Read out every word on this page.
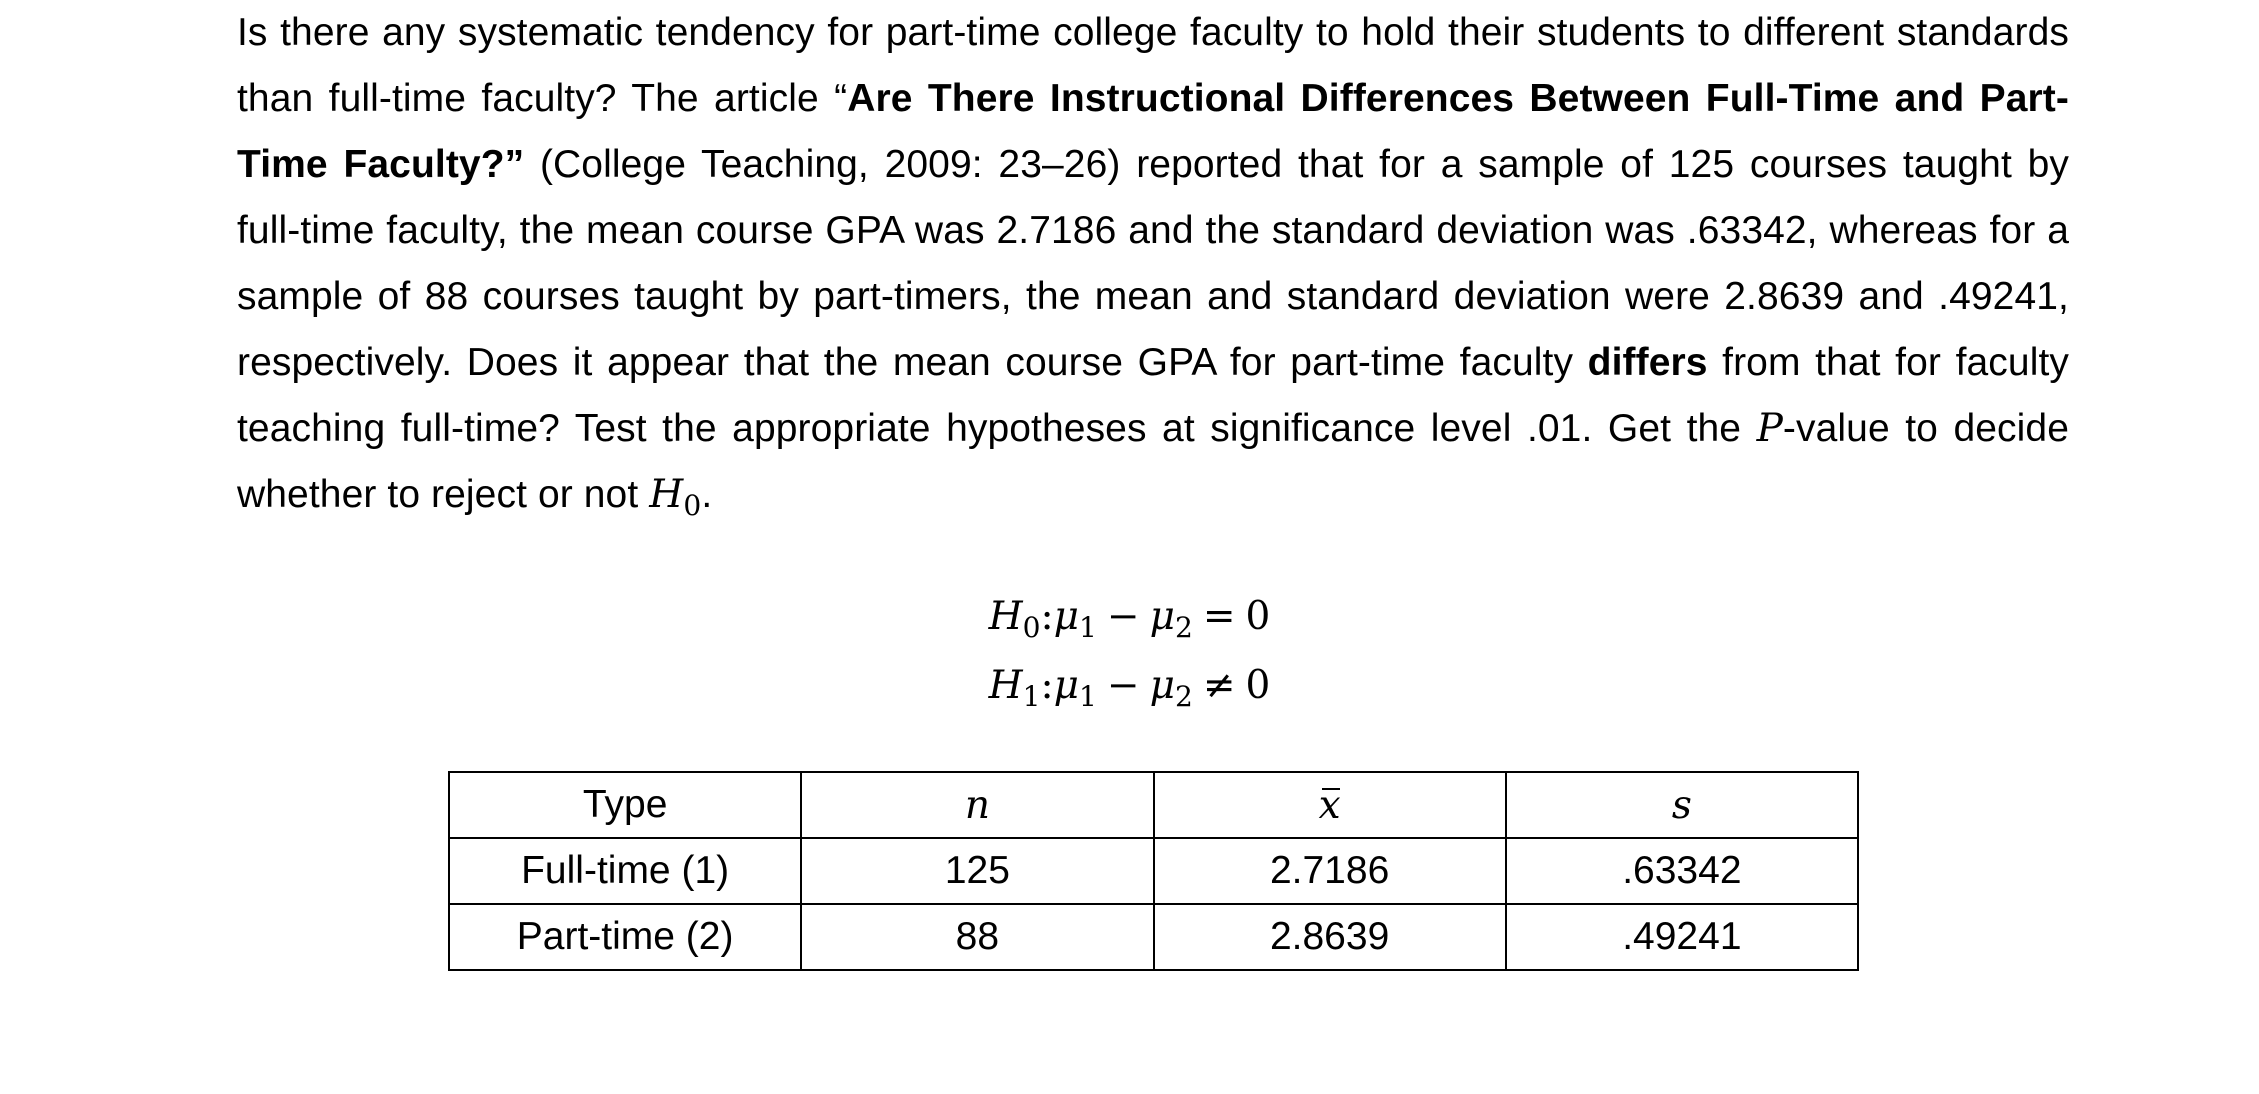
Is there any systematic tendency for part-time college faculty to hold their students to different standards than full-time faculty? The article “Are There Instructional Differences Between Full-Time and Part-Time Faculty?” (College Teaching, 2009: 23–26) reported that for a sample of 125 courses taught by full-time faculty, the mean course GPA was 2.7186 and the standard deviation was .63342, whereas for a sample of 88 courses taught by part-timers, the mean and standard deviation were 2.8639 and .49241, respectively. Does it appear that the mean course GPA for part-time faculty differs from that for faculty teaching full-time? Test the appropriate hypotheses at significance level .01. Get the P-value to decide whether to reject or not $H_0$.
$H_0:\mu_1 - \mu_2 = 0$
$H_1:\mu_1 - \mu_2 \ne 0$
Type	n	x	s
Full-time (1)	125	2.7186	.63342
Part-time (2)	88	2.8639	.49241
